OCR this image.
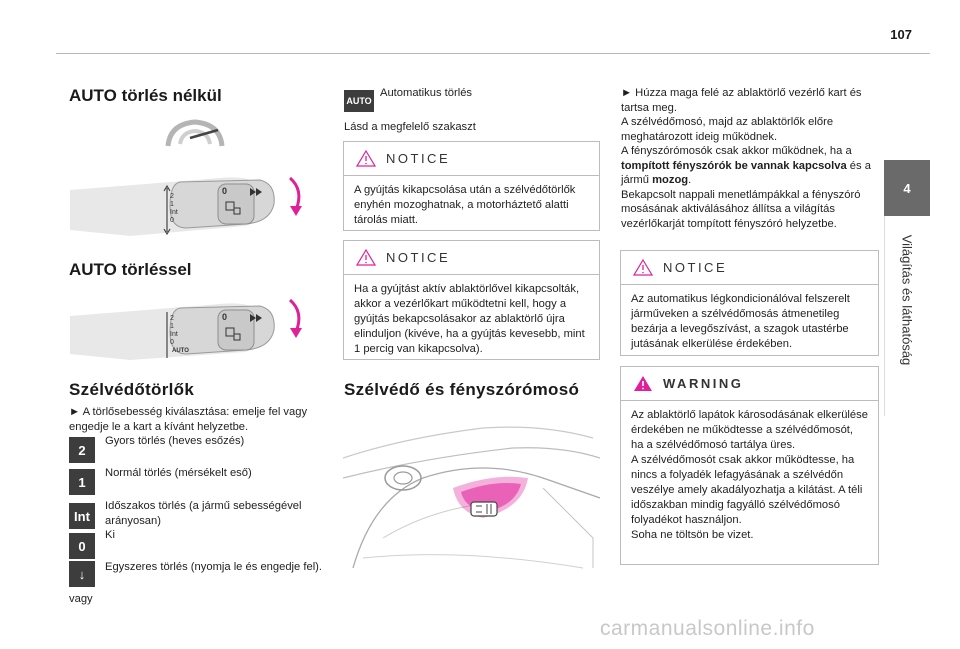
107
4
Világítás és láthatóság
AUTO törlés nélkül
2
1
Int
0
0
AUTO törléssel
2
1
Int
0
AUTO
0
Szélvédőtörlők
► A törlősebesség kiválasztása: emelje fel vagy engedje le a kart a kívánt helyzetbe.
2
Gyors törlés (heves esőzés)
1
Normál törlés (mérsékelt eső)
Int
Időszakos törlés (a jármű sebességével arányosan)
0
Ki
↓	Egyszeres törlés (nyomja le és engedje fel).
vagy
AUTO
Automatikus törlés
Lásd a megfelelő szakaszt
NOTICE
A gyújtás kikapcsolása után a szélvédőtörlők enyhén mozoghatnak, a motorháztető alatti tárolás miatt.
NOTICE
Ha a gyújtást aktív ablaktörlővel kikapcsolták, akkor a vezérlőkart működtetni kell, hogy a gyújtás bekapcsolásakor az ablaktörlő újra elinduljon (kivéve, ha a gyújtás kevesebb, mint 1 percig van kikapcsolva).
Szélvédő és fényszórómosó
► Húzza maga felé az ablaktörlő vezérlő kart és tartsa meg.
A szélvédőmosó, majd az ablaktörlők előre meghatározott ideig működnek.
A fényszórómosók csak akkor működnek, ha a tompított fényszórók be vannak kapcsolva és a jármű mozog.
Bekapcsolt nappali menetlámpákkal a fényszóró mosásának aktiválásához állítsa a világítás vezérlőkarját tompított fényszóró helyzetbe.
NOTICE
Az automatikus légkondicionálóval felszerelt járműveken a szélvédőmosás átmenetileg bezárja a levegőszívást, a szagok utastérbe jutásának elkerülése érdekében.
WARNING
Az ablaktörlő lapátok károsodásának elkerülése érdekében ne működtesse a szélvédőmosót, ha a szélvédőmosó tartálya üres.
A szélvédőmosót csak akkor működtesse, ha nincs a folyadék lefagyásának a szélvédőn veszélye amely akadályozhatja a kilátást. A téli időszakban mindig fagyálló szélvédőmosó folyadékot használjon.
Soha ne töltsön be vizet.
carmanualsonline.info
